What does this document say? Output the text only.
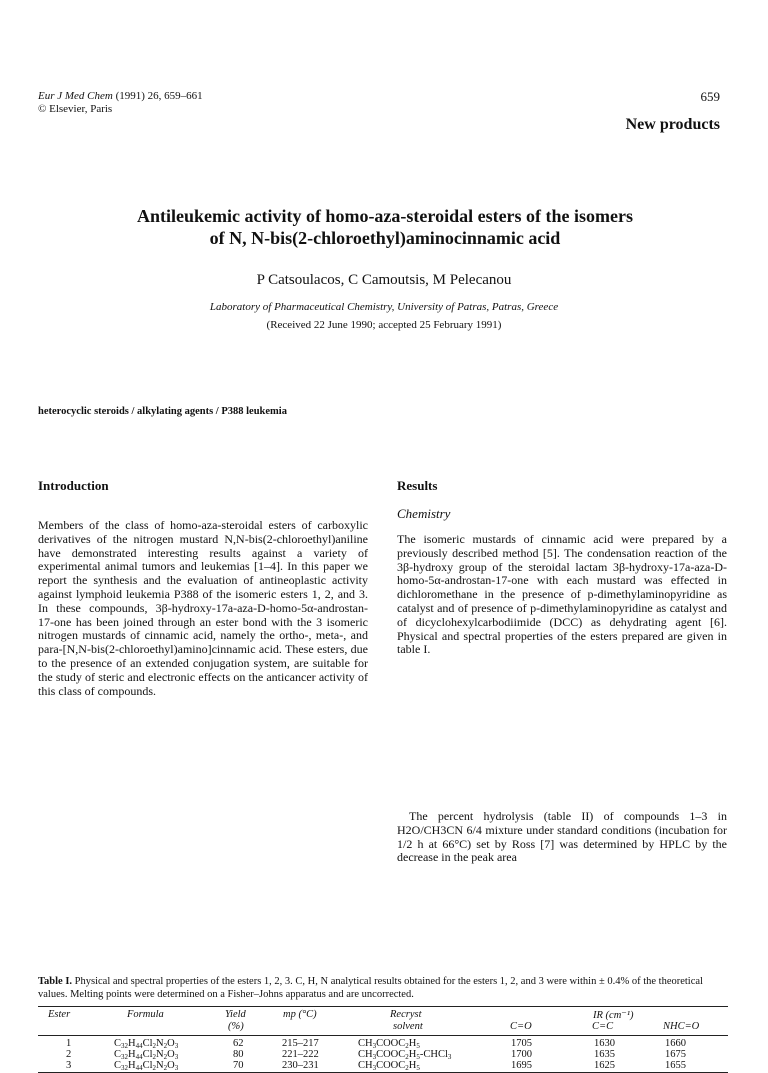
Eur J Med Chem (1991) 26, 659–661
© Elsevier, Paris
659
New products
Antileukemic activity of homo-aza-steroidal esters of the isomers
of N, N-bis(2-chloroethyl)aminocinnamic acid
P Catsoulacos, C Camoutsis, M Pelecanou
Laboratory of Pharmaceutical Chemistry, University of Patras, Patras, Greece
(Received 22 June 1990; accepted 25 February 1991)
heterocyclic steroids / alkylating agents / P388 leukemia
Introduction
Members of the class of homo-aza-steroidal esters of carboxylic derivatives of the nitrogen mustard N,N-bis(2-chloroethyl)aniline have demonstrated interesting results against a variety of experimental animal tumors and leukemias [1–4]. In this paper we report the synthesis and the evaluation of antineoplastic activity against lymphoid leukemia P388 of the isomeric esters 1, 2, and 3. In these compounds, 3β-hydroxy-17a-aza-D-homo-5α-androstan-17-one has been joined through an ester bond with the 3 isomeric nitrogen mustards of cinnamic acid, namely the ortho-, meta-, and para-[N,N-bis(2-chloroethyl)amino]cinnamic acid. These esters, due to the presence of an extended conjugation system, are suitable for the study of steric and electronic effects on the anticancer activity of this class of compounds.
Results
Chemistry
The isomeric mustards of cinnamic acid were prepared by a previously described method [5]. The condensation reaction of the 3β-hydroxy group of the steroidal lactam 3β-hydroxy-17a-aza-D-homo-5α-androstan-17-one with each mustard was effected in dichloromethane in the presence of p-dimethylaminopyridine as catalyst and of presence of p-dimethylaminopyridine as catalyst and of dicyclohexylcarbodiimide (DCC) as dehydrating agent [6]. Physical and spectral properties of the esters prepared are given in table I.
The percent hydrolysis (table II) of compounds 1–3 in H2O/CH3CN 6/4 mixture under standard conditions (incubation for 1/2 h at 66°C) set by Ross [7] was determined by HPLC by the decrease in the peak area
Table I. Physical and spectral properties of the esters 1, 2, 3. C, H, N analytical results obtained for the esters 1, 2, and 3 were within ± 0.4% of the theoretical values. Melting points were determined on a Fisher–Johns apparatus and are uncorrected.
Ester	Formula	Yield
(%)
mp (°C)	Recryst
solvent
IR (cm⁻¹)
C=O	C=C	NHC=O
1	$C_{32}H_{44}Cl_2N_2O_3$	62	215–217	$CH_3COOC_2H_5$	1705	1630	1660
2	$C_{32}H_{44}Cl_2N_2O_3$	80	221–222	$CH_3COOC_2H_5-CHCl_3$	1700	1635	1675
3	$C_{32}H_{44}Cl_2N_2O_3$	70	230–231	$CH_3COOC_2H_5$	1695	1625	1655
